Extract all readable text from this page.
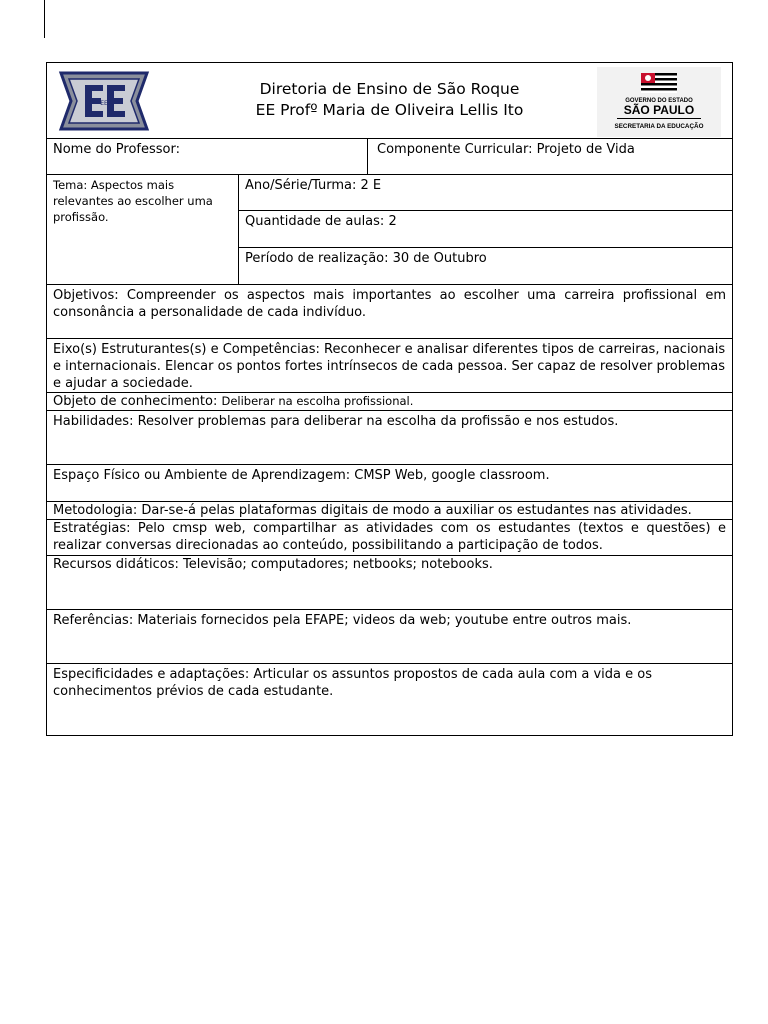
EE
Diretoria de Ensino de São Roque
EE Profº Maria de Oliveira Lellis Ito	GOVERNO DO ESTADO
SÃO PAULO
SECRETARIA DA EDUCAÇÃO
Nome do Professor:	Componente Curricular: Projeto de Vida
Tema: Aspectos mais relevantes ao escolher uma profissão.
Ano/Série/Turma: 2 E
Quantidade de aulas: 2
Período de realização: 30 de Outubro
Objetivos: Compreender os aspectos mais importantes ao escolher uma carreira profissional em consonância a personalidade de cada indivíduo.
Eixo(s) Estruturantes(s) e Competências: Reconhecer e analisar diferentes tipos de carreiras, nacionais e internacionais. Elencar os pontos fortes intrínsecos de cada pessoa. Ser capaz de resolver problemas e ajudar a sociedade.
Objeto de conhecimento: Deliberar na escolha profissional.
Habilidades: Resolver problemas para deliberar na escolha da profissão e nos estudos.
Espaço Físico ou Ambiente de Aprendizagem: CMSP Web, google classroom.
Metodologia: Dar-se-á pelas plataformas digitais de modo a auxiliar os estudantes nas atividades.
Estratégias: Pelo cmsp web, compartilhar as atividades com os estudantes (textos e questões) e realizar conversas direcionadas ao conteúdo, possibilitando a participação de todos.
Recursos didáticos: Televisão; computadores; netbooks; notebooks.
Referências: Materiais fornecidos pela EFAPE; videos da web; youtube entre outros mais.
Especificidades e adaptações: Articular os assuntos propostos de cada aula com a vida e os conhecimentos prévios de cada estudante.
